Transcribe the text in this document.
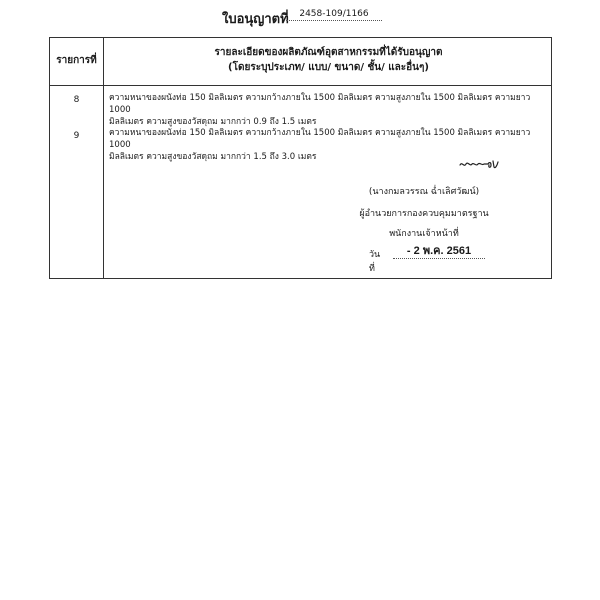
ใบอนุญาตที่	2458-109/1166
รายการที่
รายละเอียดของผลิตภัณฑ์อุตสาหกรรมที่ได้รับอนุญาต
(โดยระบุประเภท/ แบบ/ ขนาด/ ชั้น/ และอื่นๆ)
8	ความหนาของผนังท่อ 150 มิลลิเมตร ความกว้างภายใน 1500 มิลลิเมตร ความสูงภายใน 1500 มิลลิเมตร ความยาว 1000
มิลลิเมตร ความสูงของวัสดุถม มากกว่า 0.9 ถึง 1.5 เมตร
9	ความหนาของผนังท่อ 150 มิลลิเมตร ความกว้างภายใน 1500 มิลลิเมตร ความสูงภายใน 1500 มิลลิเมตร ความยาว 1000
มิลลิเมตร ความสูงของวัสดุถม มากกว่า 1.5 ถึง 3.0 เมตร
(นางกมลวรรณ ฉ่ำเลิศวัฒน์)
ผู้อำนวยการกองควบคุมมาตรฐาน
พนักงานเจ้าหน้าที่
วันที่
- 2 พ.ค. 2561
